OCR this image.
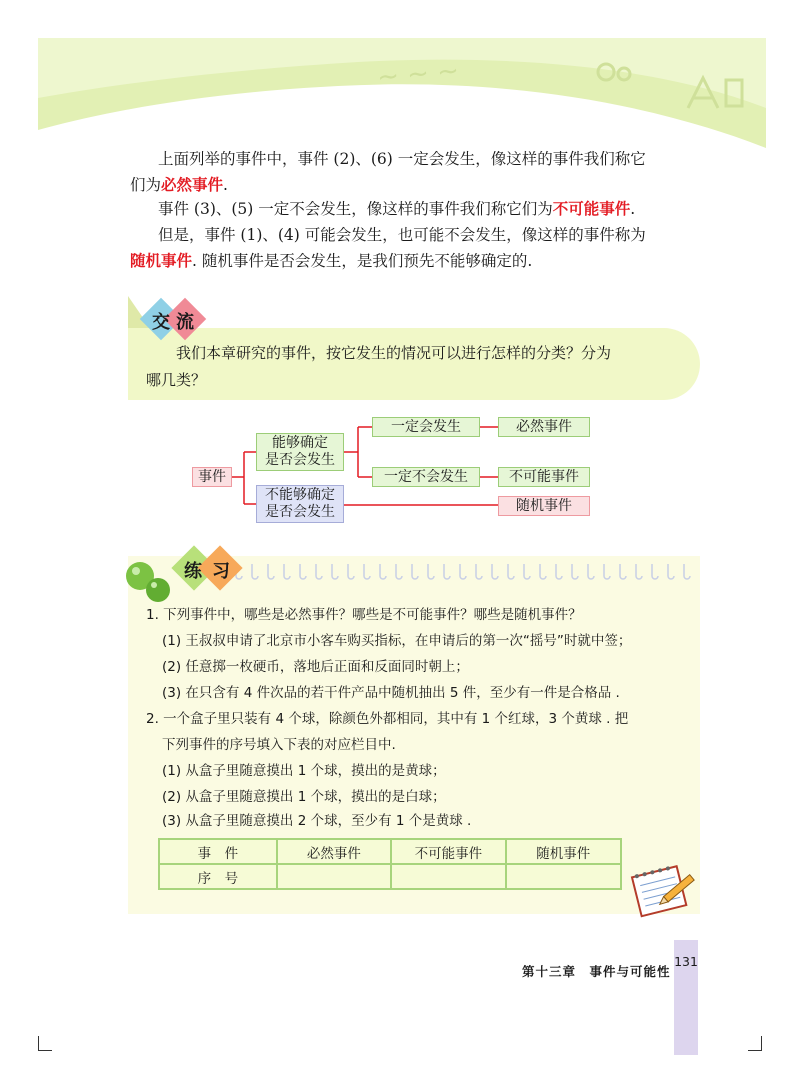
~ ~ ~
上面列举的事件中，事件 (2)、(6) 一定会发生，像这样的事件我们称它
们为必然事件.
事件 (3)、(5) 一定不会发生，像这样的事件我们称它们为不可能事件.
但是，事件 (1)、(4) 可能会发生，也可能不会发生，像这样的事件称为
随机事件. 随机事件是否会发生，是我们预先不能够确定的.
交 流
我们本章研究的事件，按它发生的情况可以进行怎样的分类？分为
哪几类？
事件
能够确定
是否会发生
不能够确定
是否会发生
一定会发生
一定不会发生
必然事件
不可能事件
随机事件
练 习
1. 下列事件中，哪些是必然事件？哪些是不可能事件？哪些是随机事件？
(1) 王叔叔申请了北京市小客车购买指标，在申请后的第一次“摇号”时就中签；
(2) 任意掷一枚硬币，落地后正面和反面同时朝上；
(3) 在只含有 4 件次品的若干件产品中随机抽出 5 件，至少有一件是合格品 .
2. 一个盒子里只装有 4 个球，除颜色外都相同，其中有 1 个红球，3 个黄球 . 把
下列事件的序号填入下表的对应栏目中.
(1) 从盒子里随意摸出 1 个球，摸出的是黄球；
(2) 从盒子里随意摸出 1 个球，摸出的是白球；
(3) 从盒子里随意摸出 2 个球，至少有 1 个是黄球 .
事　件	必然事件	不可能事件	随机事件
序　号			
第十三章　事件与可能性
131
